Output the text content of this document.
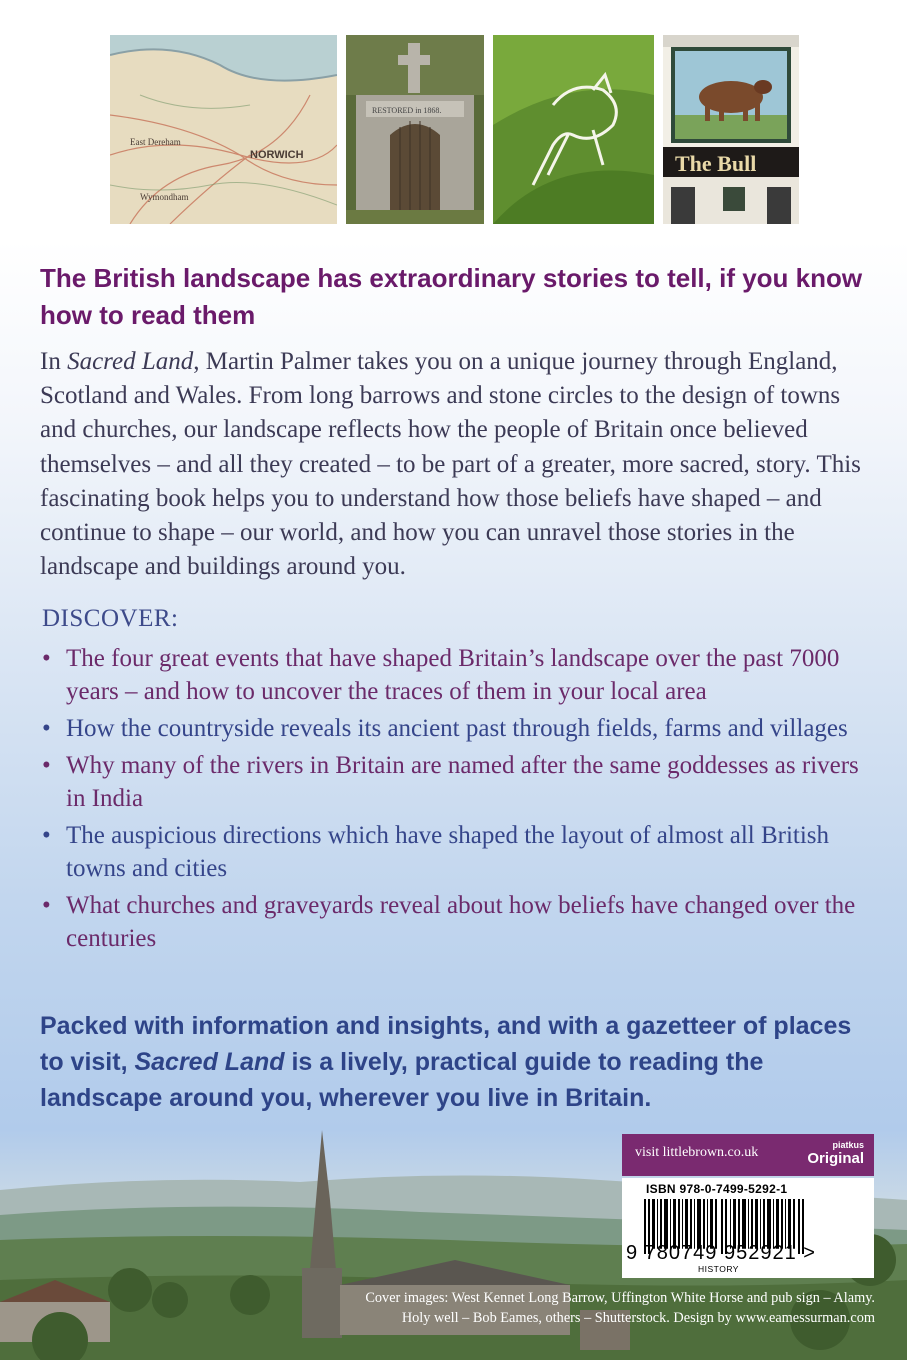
NORWICH
East Dereham
Wymondham
RESTORED in 1868.
The Bull
The British landscape has extraordinary stories to tell, if you know how to read them

In Sacred Land, Martin Palmer takes you on a unique journey through England, Scotland and Wales. From long barrows and stone circles to the design of towns and churches, our landscape reflects how the people of Britain once believed themselves – and all they created – to be part of a greater, more sacred, story. This fascinating book helps you to understand how those beliefs have shaped – and continue to shape – our world, and how you can unravel those stories in the landscape and buildings around you.

DISCOVER:
• The four great events that have shaped Britain’s landscape over the past 7000 years – and how to uncover the traces of them in your local area
• How the countryside reveals its ancient past through fields, farms and villages
• Why many of the rivers in Britain are named after the same goddesses as rivers in India
• The auspicious directions which have shaped the layout of almost all British towns and cities
• What churches and graveyards reveal about how beliefs have changed over the centuries

Packed with information and insights, and with a gazetteer of places to visit, Sacred Land is a lively, practical guide to reading the landscape around you, wherever you live in Britain.

visit littlebrown.co.uk	piatkus
Original
ISBN 978-0-7499-5292-1
9 780749 952921 >
HISTORY
Cover images: West Kennet Long Barrow, Uffington White Horse and pub sign – Alamy.
Holy well – Bob Eames, others – Shutterstock. Design by www.eamessurman.com
